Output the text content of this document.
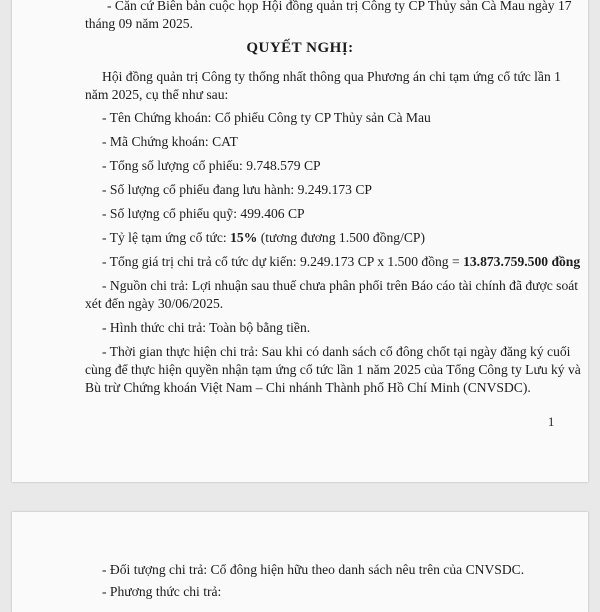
- Căn cứ Biên bản cuộc họp Hội đồng quản trị Công ty CP Thủy sản Cà Mau ngày 17

tháng 09 năm 2025.

QUYẾT NGHỊ:

Hội đồng quản trị Công ty thống nhất thông qua Phương án chi tạm ứng cổ tức lần 1

năm 2025, cụ thể như sau:

- Tên Chứng khoán: Cổ phiếu Công ty CP Thủy sản Cà Mau

- Mã Chứng khoán: CAT

- Tổng số lượng cổ phiếu: 9.748.579 CP

- Số lượng cổ phiếu đang lưu hành: 9.249.173 CP

- Số lượng cổ phiếu quỹ: 499.406 CP

- Tỷ lệ tạm ứng cổ tức: 15% (tương đương 1.500 đồng/CP)

- Tổng giá trị chi trả cổ tức dự kiến: 9.249.173 CP x 1.500 đồng = 13.873.759.500 đồng

- Nguồn chi trả: Lợi nhuận sau thuế chưa phân phối trên Báo cáo tài chính đã được soát

xét đến ngày 30/06/2025.

- Hình thức chi trả: Toàn bộ bằng tiền.

- Thời gian thực hiện chi trả: Sau khi có danh sách cổ đông chốt tại ngày đăng ký cuối

cùng để thực hiện quyền nhận tạm ứng cổ tức lần 1 năm 2025 của Tổng Công ty Lưu ký và

Bù trừ Chứng khoán Việt Nam – Chi nhánh Thành phố Hồ Chí Minh (CNVSDC).

1

- Đối tượng chi trả: Cổ đông hiện hữu theo danh sách nêu trên của CNVSDC.

- Phương thức chi trả:
